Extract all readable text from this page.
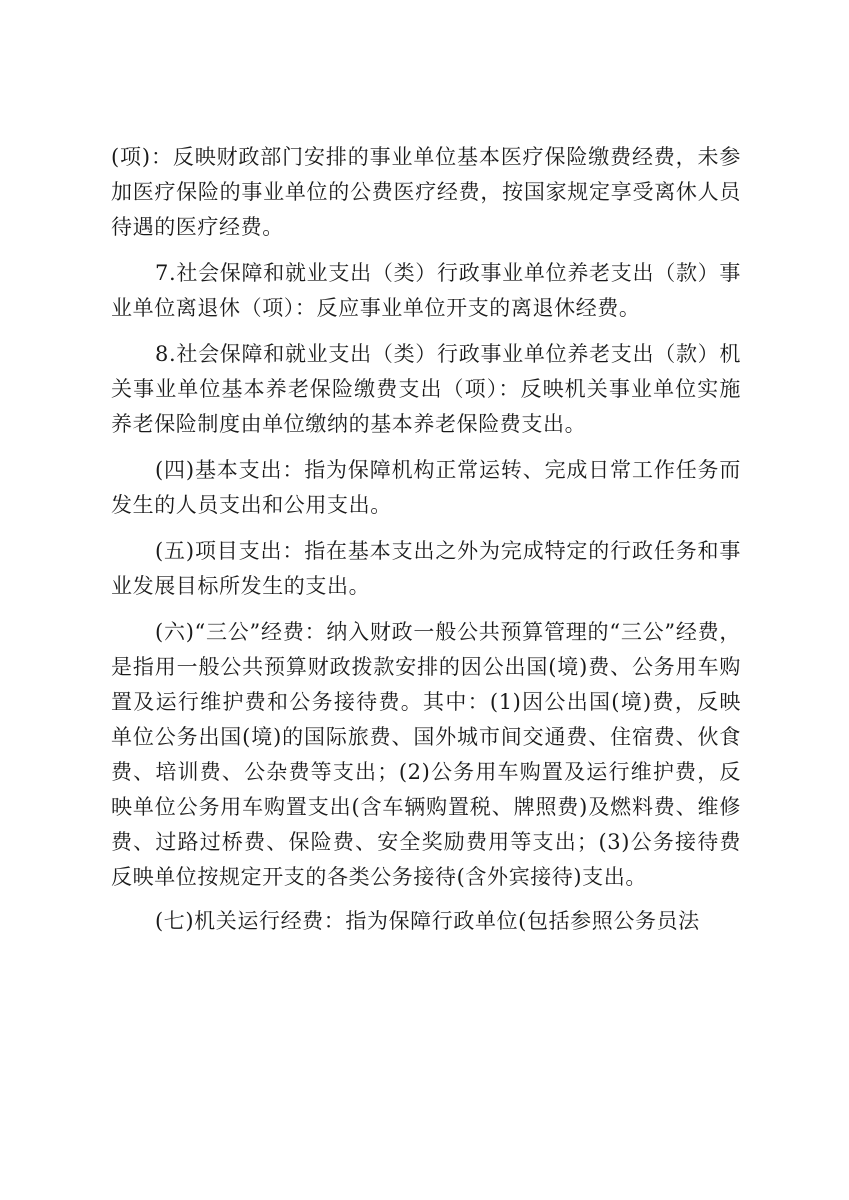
(项)：反映财政部门安排的事业单位基本医疗保险缴费经费，未参加医疗保险的事业单位的公费医疗经费，按国家规定享受离休人员待遇的医疗经费。

7.社会保障和就业支出（类）行政事业单位养老支出（款）事业单位离退休（项）：反应事业单位开支的离退休经费。

8.社会保障和就业支出（类）行政事业单位养老支出（款）机关事业单位基本养老保险缴费支出（项）：反映机关事业单位实施养老保险制度由单位缴纳的基本养老保险费支出。

(四)基本支出：指为保障机构正常运转、完成日常工作任务而发生的人员支出和公用支出。

(五)项目支出：指在基本支出之外为完成特定的行政任务和事业发展目标所发生的支出。

(六)“三公”经费：纳入财政一般公共预算管理的“三公”经费，是指用一般公共预算财政拨款安排的因公出国(境)费、公务用车购置及运行维护费和公务接待费。其中：(1)因公出国(境)费，反映单位公务出国(境)的国际旅费、国外城市间交通费、住宿费、伙食费、培训费、公杂费等支出；(2)公务用车购置及运行维护费，反映单位公务用车购置支出(含车辆购置税、牌照费)及燃料费、维修费、过路过桥费、保险费、安全奖励费用等支出；(3)公务接待费反映单位按规定开支的各类公务接待(含外宾接待)支出。

(七)机关运行经费：指为保障行政单位(包括参照公务员法
